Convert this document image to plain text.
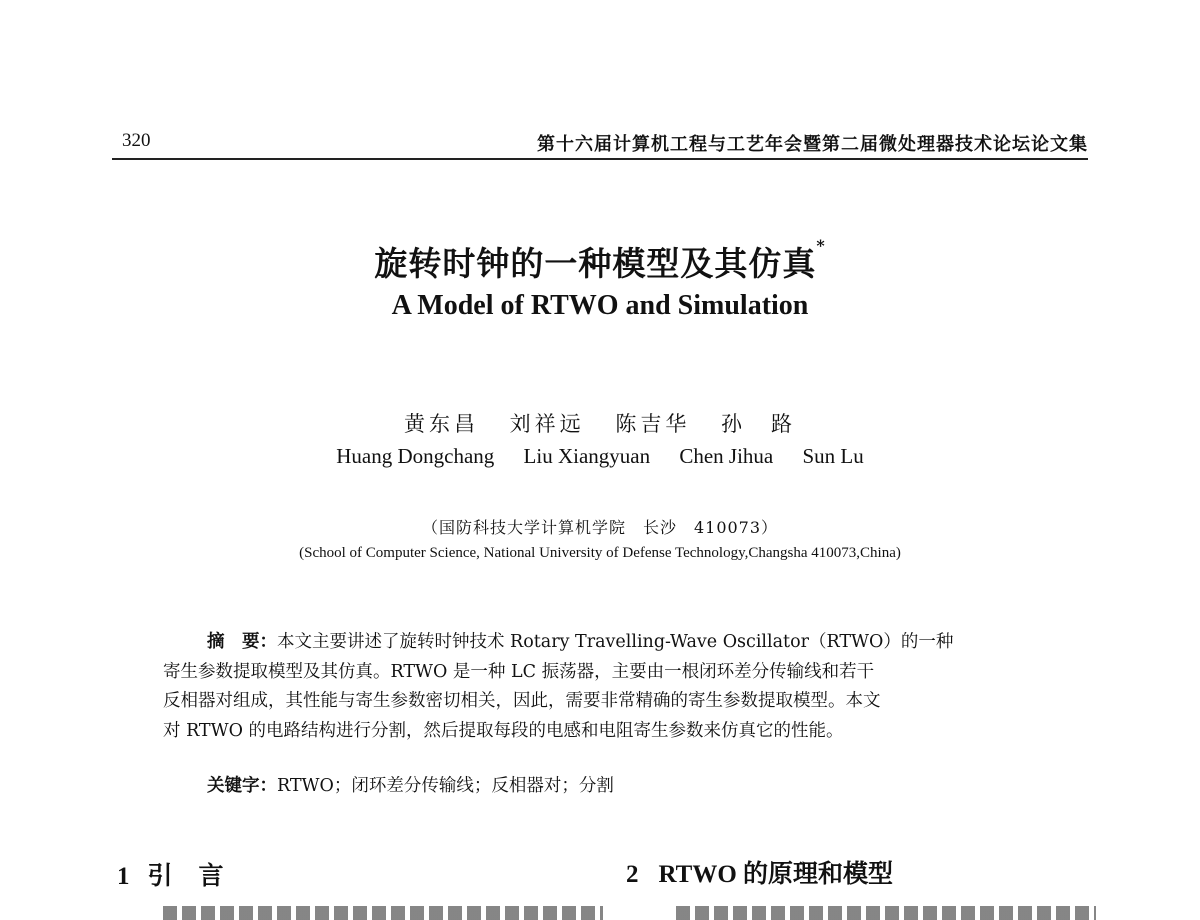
320	第十六届计算机工程与工艺年会暨第二届微处理器技术论坛论文集
旋转时钟的一种模型及其仿真*
A Model of RTWO and Simulation
黄东昌 刘祥远 陈吉华 孙　路
Huang Dongchang Liu Xiangyuan Chen Jihua Sun Lu
（国防科技大学计算机学院　长沙　410073）
(School of Computer Science, National University of Defense Technology,Changsha 410073,China)
摘　要：本文主要讲述了旋转时钟技术 Rotary Travelling-Wave Oscillator（RTWO）的一种
寄生参数提取模型及其仿真。RTWO 是一种 LC 振荡器，主要由一根闭环差分传输线和若干
反相器对组成，其性能与寄生参数密切相关，因此，需要非常精确的寄生参数提取模型。本文
对 RTWO 的电路结构进行分割，然后提取每段的电感和电阻寄生参数来仿真它的性能。
关键字：RTWO；闭环差分传输线；反相器对；分割
1 引言	2 RTWO 的原理和模型
